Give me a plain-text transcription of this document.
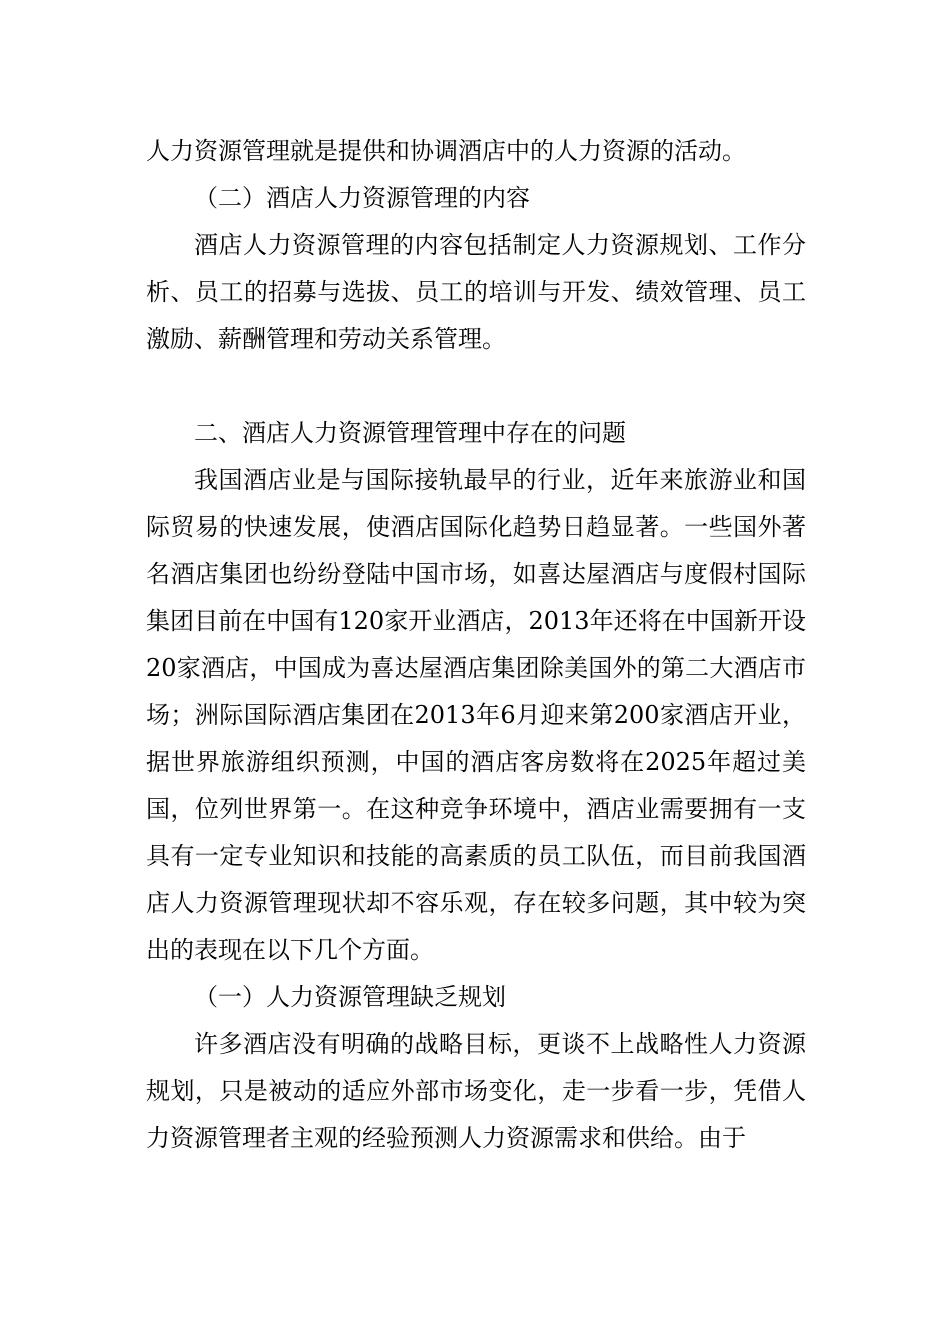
人力资源管理就是提供和协调酒店中的人力资源的活动。

（二）酒店人力资源管理的内容

酒店人力资源管理的内容包括制定人力资源规划、工作分析、员工的招募与选拔、员工的培训与开发、绩效管理、员工激励、薪酬管理和劳动关系管理。

二、酒店人力资源管理管理中存在的问题

我国酒店业是与国际接轨最早的行业，近年来旅游业和国际贸易的快速发展，使酒店国际化趋势日趋显著。一些国外著名酒店集团也纷纷登陆中国市场，如喜达屋酒店与度假村国际集团目前在中国有120家开业酒店，2013年还将在中国新开设20家酒店，中国成为喜达屋酒店集团除美国外的第二大酒店市场；洲际国际酒店集团在2013年6月迎来第200家酒店开业，据世界旅游组织预测，中国的酒店客房数将在2025年超过美国，位列世界第一。在这种竞争环境中，酒店业需要拥有一支具有一定专业知识和技能的高素质的员工队伍，而目前我国酒店人力资源管理现状却不容乐观，存在较多问题，其中较为突出的表现在以下几个方面。

（一）人力资源管理缺乏规划

许多酒店没有明确的战略目标，更谈不上战略性人力资源规划，只是被动的适应外部市场变化，走一步看一步，凭借人力资源管理者主观的经验预测人力资源需求和供给。由于
